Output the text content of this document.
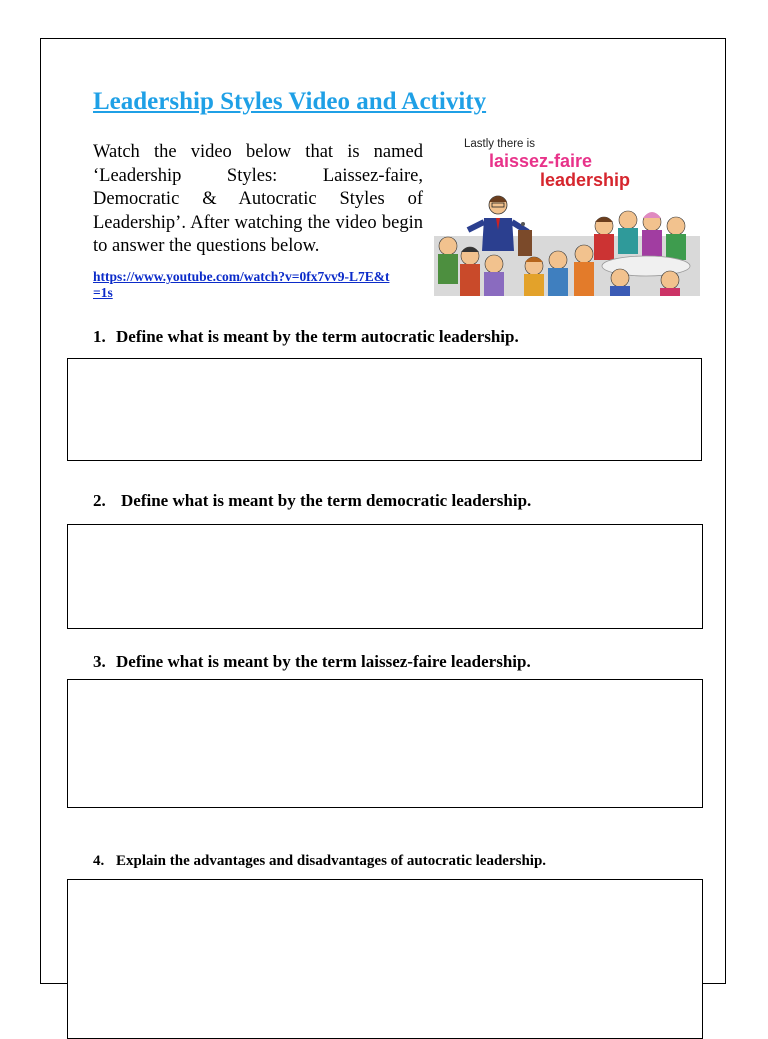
Leadership Styles Video and Activity

Watch the video below that is named ‘Leadership Styles: Laissez-faire, Democratic & Autocratic Styles of Leadership’. After watching the video begin to answer the questions below.

https://www.youtube.com/watch?v=0fx7vv9-L7E&t=1s
Lastly there is
laissez-faire
leadership

1. Define what is meant by the term autocratic leadership.

2. Define what is meant by the term democratic leadership.

3. Define what is meant by the term laissez-faire leadership.

4. Explain the advantages and disadvantages of autocratic leadership.
